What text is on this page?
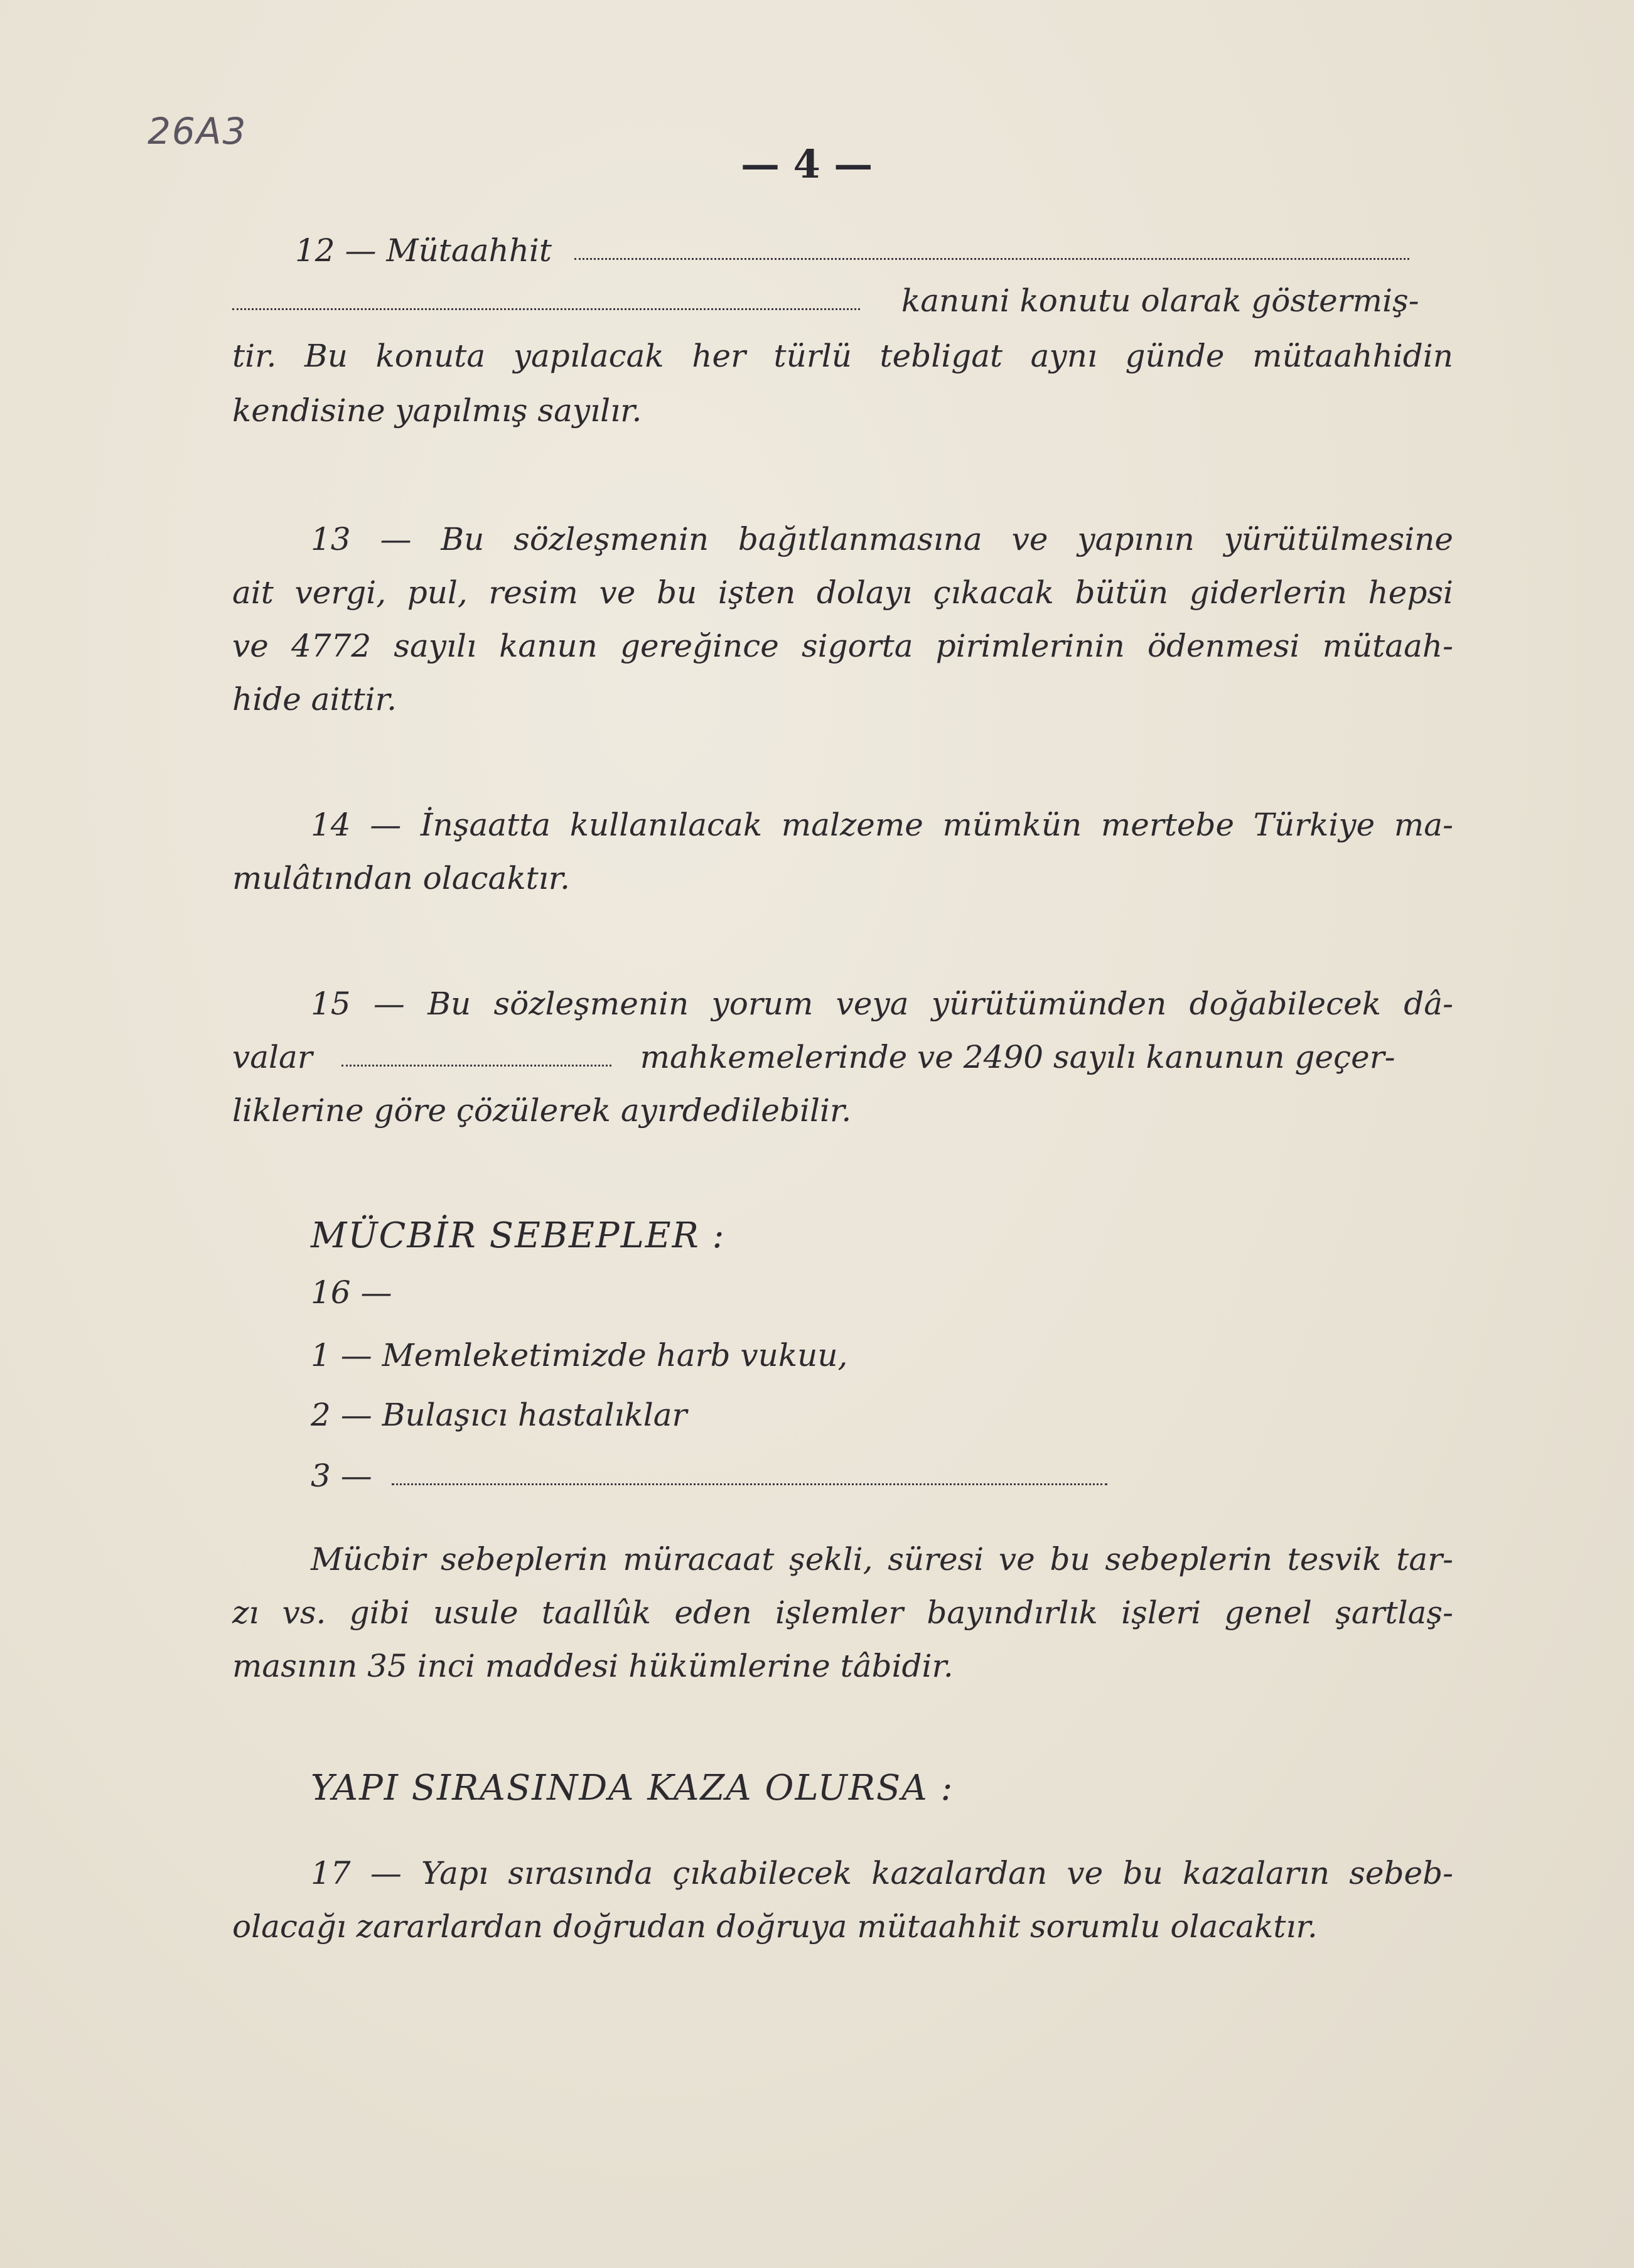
26A3
— 4 —
12 — Mütaahhit
kanuni konutu olarak göstermiş-
tir. Bu konuta yapılacak her türlü tebligat aynı günde mütaahhidin
kendisine yapılmış sayılır.
13 — Bu sözleşmenin bağıtlanmasına ve yapının yürütülmesine
ait vergi, pul, resim ve bu işten dolayı çıkacak bütün giderlerin hepsi
ve 4772 sayılı kanun gereğince sigorta pirimlerinin ödenmesi mütaah-
hide aittir.
14 — İnşaatta kullanılacak malzeme mümkün mertebe Türkiye ma-
mulâtından olacaktır.
15 — Bu sözleşmenin yorum veya yürütümünden doğabilecek dâ-
valar	mahkemelerinde ve 2490 sayılı kanunun geçer-
liklerine göre çözülerek ayırdedilebilir.
MÜCBİR SEBEPLER :
16 —
1 — Memleketimizde harb vukuu,
2 — Bulaşıcı hastalıklar
3 —
Mücbir sebeplerin müracaat şekli, süresi ve bu sebeplerin tesvik tar-
zı vs. gibi usule taallûk eden işlemler bayındırlık işleri genel şartlaş-
masının 35 inci maddesi hükümlerine tâbidir.
YAPI SIRASINDA KAZA OLURSA :
17 — Yapı sırasında çıkabilecek kazalardan ve bu kazaların sebeb-
olacağı zararlardan doğrudan doğruya mütaahhit sorumlu olacaktır.
